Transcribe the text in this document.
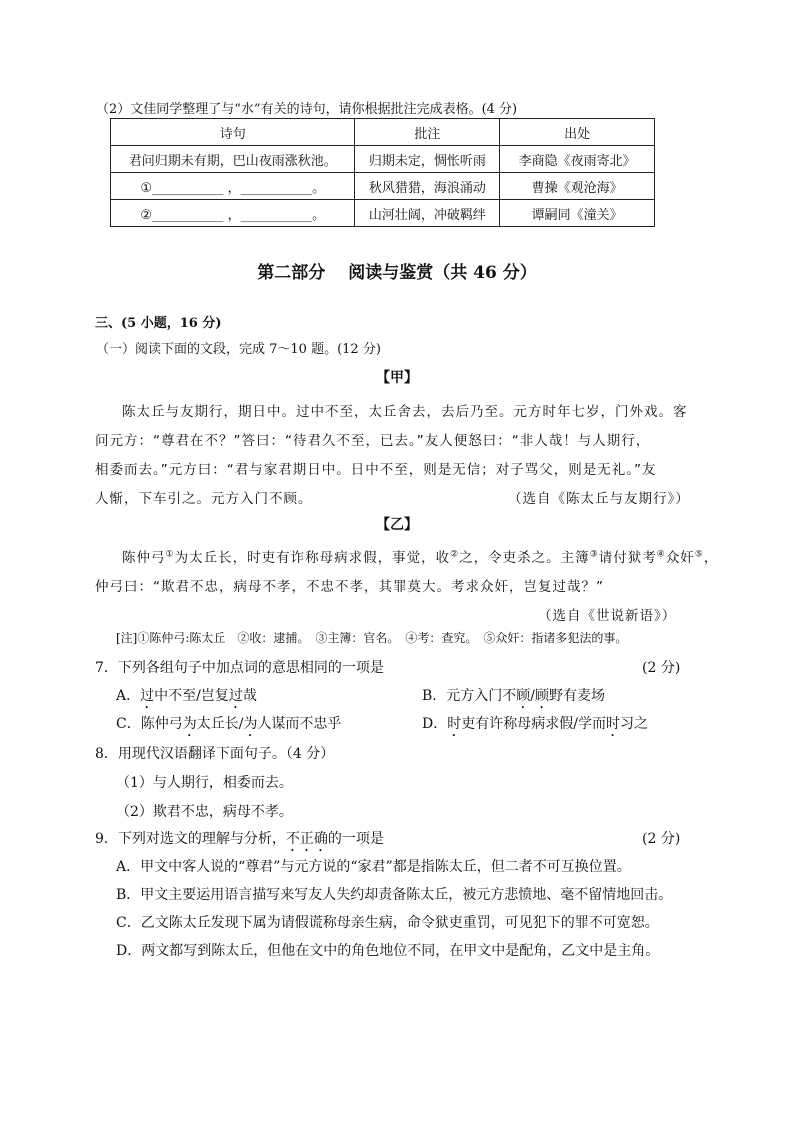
（2）文佳同学整理了与“水”有关的诗句，请你根据批注完成表格。(4 分)
诗句	批注	出处
君问归期未有期，巴山夜雨涨秋池。	归期未定，惆怅听雨	李商隐《夜雨寄北》
①___________ ，___________。	秋风猎猎，海浪涌动	曹操《观沧海》
②___________ ，___________。	山河壮阔，冲破羁绊	谭嗣同《潼关》
第二部分　 阅读与鉴赏（共 46 分）
三、(5 小题，16 分)
（一）阅读下面的文段，完成 7～10 题。(12 分)
【甲】
陈太丘与友期行，期日中。过中不至，太丘舍去，去后乃至。元方时年七岁，门外戏。客
问元方：“尊君在不？”答曰：“待君久不至，已去。”友人便怒曰：“非人哉！与人期行，
相委而去。”元方曰：“君与家君期日中。日中不至，则是无信；对子骂父，则是无礼。”友
人惭，下车引之。元方入门不顾。	（选自《陈太丘与友期行》）
【乙】
陈仲弓①为太丘长，时吏有诈称母病求假，事觉，收②之，令吏杀之。主簿③请付狱考④众奸⑤，
仲弓曰：“欺君不忠，病母不孝，不忠不孝，其罪莫大。考求众奸，岂复过哉？”
（选自《世说新语》）
[注]①陈仲弓:陈太丘　②收：逮捕。　③主簿：官名。　④考：查究。　⑤众奸：指诸多犯法的事。
7．下列各组句子中加点词的意思相同的一项是	(2 分)
A．过中不至/岂复过哉	B．元方入门不顾/顾野有麦场
C．陈仲弓为太丘长/为人谋而不忠乎	D．时吏有许称母病求假/学而时习之
8．用现代汉语翻译下面句子。（4 分）
（1）与人期行，相委而去。
（2）欺君不忠，病母不孝。
9．下列对选文的理解与分析，不正确的一项是	(2 分)
A．甲文中客人说的“尊君”与元方说的“家君”都是指陈太丘，但二者不可互换位置。
B．甲文主要运用语言描写来写友人失约却责备陈太丘，被元方悲愤地、毫不留情地回击。
C．乙文陈太丘发现下属为请假谎称母亲生病，命令狱吏重罚，可见犯下的罪不可宽恕。
D．两文都写到陈太丘，但他在文中的角色地位不同，在甲文中是配角，乙文中是主角。
